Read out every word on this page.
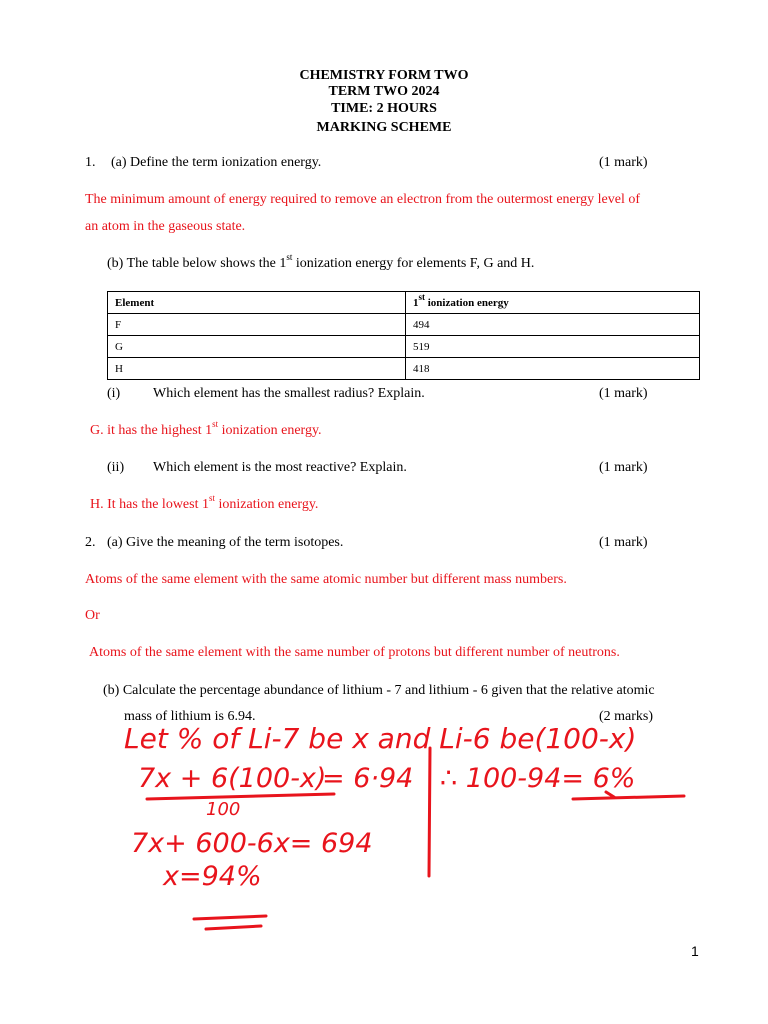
CHEMISTRY FORM TWO
TERM TWO 2024
TIME: 2 HOURS
MARKING SCHEME
1. (a) Define the term ionization energy.	(1 mark)
The minimum amount of energy required to remove an electron from the outermost energy level of
an atom in the gaseous state.
(b) The table below shows the 1st ionization energy for elements F, G and H.
Element	1st ionization energy
F	494
G	519
H	418
(i) Which element has the smallest radius? Explain.	(1 mark)
G. it has the highest 1st ionization energy.
(ii) Which element is the most reactive? Explain.	(1 mark)
H. It has the lowest 1st ionization energy.
2. (a) Give the meaning of the term isotopes.	(1 mark)
Atoms of the same element with the same atomic number but different mass numbers.
Or
Atoms of the same element with the same number of protons but different number of neutrons.
(b) Calculate the percentage abundance of lithium - 7 and lithium - 6 given that the relative atomic
mass of lithium is 6.94.	(2 marks)
Let % of Li-7 be x and Li-6 be(100-x)
7x + 6(100-x)
= 6·94
100
7x+ 600-6x= 694
x=94%
∴ 100-94= 6%
1
